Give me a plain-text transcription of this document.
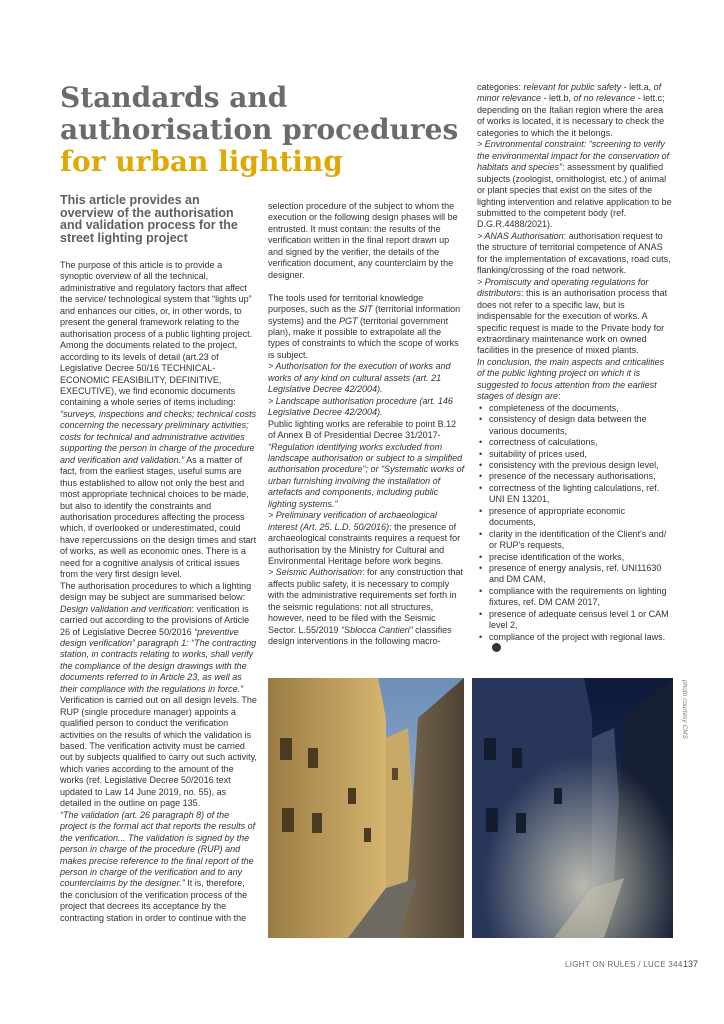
Standards and
authorisation procedures
for urban lighting
This article provides an overview of the authorisation and validation process for the street lighting project

The purpose of this article is to provide a synoptic overview of all the technical, administrative and regulatory factors that affect the service/ technological system that “lights up” and enhances our cities, or, in other words, to present the general framework relating to the authorisation process of a public lighting project. Among the documents related to the project, according to its levels of detail (art.23 of Legislative Decree 50/16 TECHNICAL-ECONOMIC FEASIBILITY, DEFINITIVE, EXECUTIVE), we find economic documents containing a whole series of items including: “surveys, inspections and checks; technical costs concerning the necessary preliminary activities; costs for technical and administrative activities supporting the person in charge of the procedure and verification and validation.” As a matter of fact, from the earliest stages, useful sums are thus established to allow not only the best and most appropriate technical choices to be made, but also to identify the constraints and authorisation procedures affecting the process which, if overlooked or underestimated, could have repercussions on the design times and start of works, as well as economic ones. There is a need for a cognitive analysis of critical issues from the very first design level.

The authorisation procedures to which a lighting design may be subject are summarised below:

Design validation and verification: verification is carried out according to the provisions of Article 26 of Legislative Decree 50/2016 “preventive design verification” paragraph 1: “The contracting station, in contracts relating to works, shall verify the compliance of the design drawings with the documents referred to in Article 23, as well as their compliance with the regulations in force.” Verification is carried out on all design levels. The RUP (single procedure manager) appoints a qualified person to conduct the verification activities on the results of which the validation is based. The verification activity must be carried out by subjects qualified to carry out such activity, which varies according to the amount of the works (ref. Legislative Decree 50/2016 text updated to Law 14 June 2019, no. 55), as detailed in the outline on page 135.

“The validation (art. 26 paragraph 8) of the project is the formal act that reports the results of the verification... The validation is signed by the person in charge of the procedure (RUP) and makes precise reference to the final report of the person in charge of the verification and to any counterclaims by the designer.” It is, therefore, the conclusion of the verification process of the project that decrees its acceptance by the contracting station in order to continue with the

selection procedure of the subject to whom the execution or the following design phases will be entrusted. It must contain: the results of the verification written in the final report drawn up and signed by the verifier, the details of the verification document, any counterclaim by the designer.

The tools used for territorial knowledge purposes, such as the SIT (territorial information systems) and the PGT (territorial government plan), make it possible to extrapolate all the types of constraints to which the scope of works is subject.

> Authorisation for the execution of works and works of any kind on cultural assets (art. 21 Legislative Decree 42/2004).

> Landscape authorisation procedure (art. 146 Legislative Decree 42/2004).
Public lighting works are referable to point B.12 of Annex B of Presidential Decree 31/2017- “Regulation identifying works excluded from landscape authorisation or subject to a simplified authorisation procedure”; or “Systematic works of urban furnishing involving the installation of artefacts and components, including public lighting systems.”

> Preliminary verification of archaeological interest (Art. 25. L.D. 50/2016): the presence of archaeological constraints requires a request for authorisation by the Ministry for Cultural and Environmental Heritage before work begins.

> Seismic Authorisation: for any construction that affects public safety, it is necessary to comply with the administrative requirements set forth in the seismic regulations: not all structures, however, need to be filed with the Seismic Sector. L.55/2019 “Sblocca Cantieri” classifies design interventions in the following macro-

categories: relevant for public safety - lett.a, of minor relevance - lett.b, of no relevance - lett.c; depending on the Italian region where the area of works is located, it is necessary to check the categories to which the it belongs.

> Environmental constraint: “screening to verify the environmental impact for the conservation of habitats and species”: assessment by qualified subjects (zoologist, ornithologist, etc.) of animal or plant species that exist on the sites of the lighting intervention and relative application to be submitted to the competent body (ref. D.G.R.4488/2021).

> ANAS Authorisation: authorisation request to the structure of territorial competence of ANAS for the implementation of excavations, road cuts, flanking/crossing of the road network.

> Promiscuity and operating regulations for distributors: this is an authorisation process that does not refer to a specific law, but is indispensable for the execution of works. A specific request is made to the Private body for extraordinary maintenance work on owned facilities in the presence of mixed plants.

In conclusion, the main aspects and criticalities of the public lighting project on which it is suggested to focus attention from the earliest stages of design are:

• completeness of the documents,
• consistency of design data between the various documents,
• correctness of calculations,
• suitability of prices used,
• consistency with the previous design level,
• presence of the necessary authorisations,
• correctness of the lighting calculations, ref. UNI EN 13201,
• presence of appropriate economic documents,
• clarity in the identification of the Client's and/ or RUP's requests,
• precise identification of the works,
• presence of energy analysis, ref. UNI11630 and DM CAM,
• compliance with the requirements on lighting fixtures, ref. DM CAM 2017,
• presence of adequate census level 1 or CAM level 2,
• compliance of the project with regional laws.
photo courtesy CMS
LIGHT ON RULES / LUCE 344 137
